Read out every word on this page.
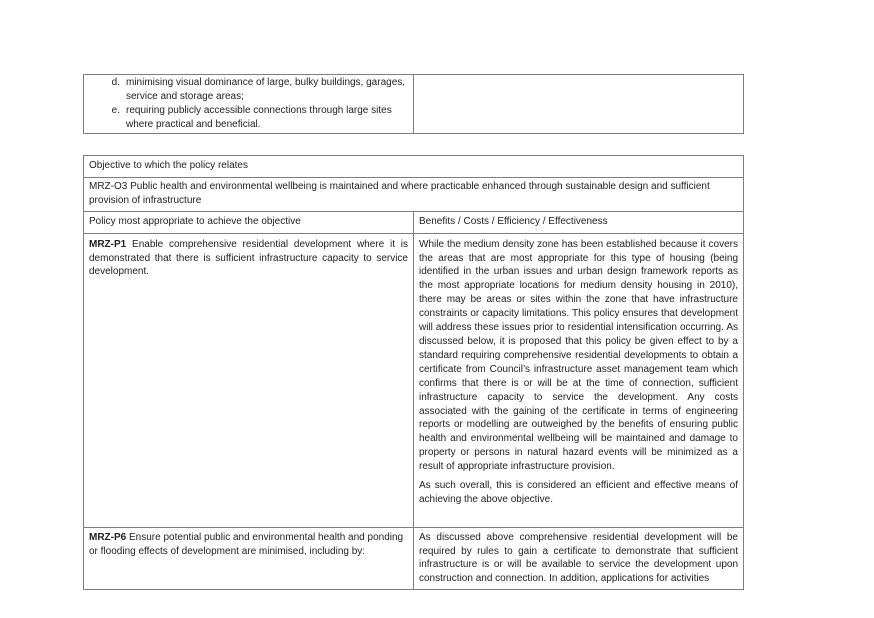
d. minimising visual dominance of large, bulky buildings, garages, service and storage areas;
e. requiring publicly accessible connections through large sites where practical and beneficial.

Objective to which the policy relates	
MRZ-O3 Public health and environmental wellbeing is maintained and where practicable enhanced through sustainable design and sufficient provision of infrastructure	
Policy most appropriate to achieve the objective	Benefits / Costs / Efficiency / Effectiveness
MRZ-P1 Enable comprehensive residential development where it is demonstrated that there is sufficient infrastructure capacity to service development.	While the medium density zone has been established because it covers the areas that are most appropriate for this type of housing (being identified in the urban issues and urban design framework reports as the most appropriate locations for medium density housing in 2010), there may be areas or sites within the zone that have infrastructure constraints or capacity limitations. This policy ensures that development will address these issues prior to residential intensification occurring. As discussed below, it is proposed that this policy be given effect to by a standard requiring comprehensive residential developments to obtain a certificate from Council’s infrastructure asset management team which confirms that there is or will be at the time of connection, sufficient infrastructure capacity to service the development. Any costs associated with the gaining of the certificate in terms of engineering reports or modelling are outweighed by the benefits of ensuring public health and environmental wellbeing will be maintained and damage to property or persons in natural hazard events will be minimized as a result of appropriate infrastructure provision.

As such overall, this is considered an efficient and effective means of achieving the above objective.

MRZ-P6 Ensure potential public and environmental health and ponding or flooding effects of development are minimised, including by:	As discussed above comprehensive residential development will be required by rules to gain a certificate to demonstrate that sufficient infrastructure is or will be available to service the development upon construction and connection. In addition, applications for activities
